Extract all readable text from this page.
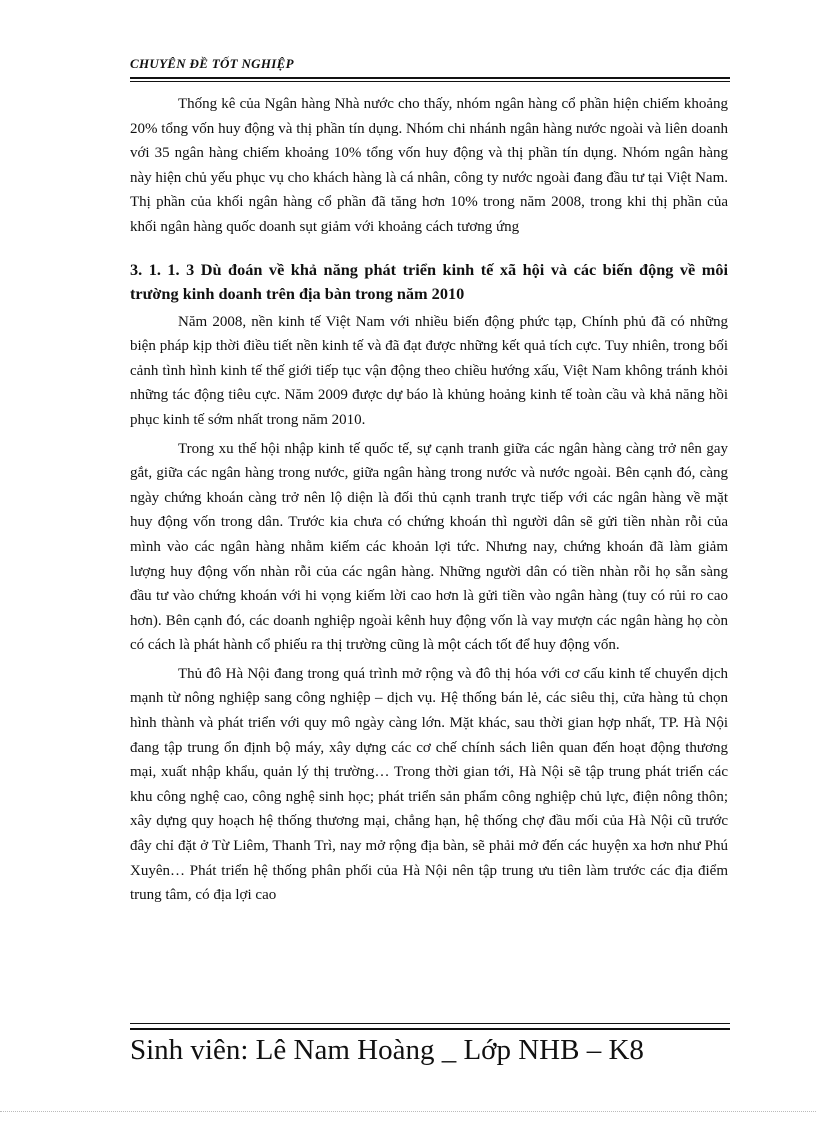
CHUYÊN ĐỀ TỐT NGHIỆP

Thống kê của Ngân hàng Nhà nước cho thấy, nhóm ngân hàng cổ phần hiện chiếm khoảng 20% tổng vốn huy động và thị phần tín dụng. Nhóm chi nhánh ngân hàng nước ngoài và liên doanh với 35 ngân hàng chiếm khoảng 10% tổng vốn huy động và thị phần tín dụng. Nhóm ngân hàng này hiện chủ yếu phục vụ cho khách hàng là cá nhân, công ty nước ngoài đang đầu tư tại Việt Nam. Thị phần của khối ngân hàng cổ phần đã tăng hơn 10% trong năm 2008, trong khi thị phần của khối ngân hàng quốc doanh sụt giảm với khoảng cách tương ứng

3. 1. 1. 3 Dù đoán về khả năng phát triển kinh tế xã hội và các biến động về môi trường kinh doanh trên địa bàn trong năm 2010

Năm 2008, nền kinh tế Việt Nam với nhiều biến động phức tạp, Chính phủ đã có những biện pháp kịp thời điều tiết nền kinh tế và đã đạt được những kết quả tích cực. Tuy nhiên, trong bối cảnh tình hình kinh tế thế giới tiếp tục vận động theo chiều hướng xấu, Việt Nam không tránh khỏi những tác động tiêu cực. Năm 2009 được dự báo là khủng hoảng kinh tế toàn cầu và khả năng hồi phục kinh tế sớm nhất trong năm 2010.

Trong xu thế hội nhập kinh tế quốc tế, sự cạnh tranh giữa các ngân hàng càng trở nên gay gắt, giữa các ngân hàng trong nước, giữa ngân hàng trong nước và nước ngoài. Bên cạnh đó, càng ngày chứng khoán càng trở nên lộ diện là đối thủ cạnh tranh trực tiếp với các ngân hàng về mặt huy động vốn trong dân. Trước kia chưa có chứng khoán thì người dân sẽ gửi tiền nhàn rỗi của mình vào các ngân hàng nhằm kiếm các khoản lợi tức. Nhưng nay, chứng khoán đã làm giảm lượng huy động vốn nhàn rỗi của các ngân hàng. Những người dân có tiền nhàn rỗi họ sẵn sàng đầu tư vào chứng khoán với hi vọng kiếm lời cao hơn là gửi tiền vào ngân hàng (tuy có rủi ro cao hơn). Bên cạnh đó, các doanh nghiệp ngoài kênh huy động vốn là vay mượn các ngân hàng họ còn có cách là phát hành cổ phiếu ra thị trường cũng là một cách tốt để huy động vốn.

Thủ đô Hà Nội đang trong quá trình mở rộng và đô thị hóa với cơ cấu kinh tế chuyển dịch mạnh từ nông nghiệp sang công nghiệp – dịch vụ. Hệ thống bán lẻ, các siêu thị, cửa hàng tủ chọn hình thành và phát triển với quy mô ngày càng lớn. Mặt khác, sau thời gian hợp nhất, TP. Hà Nội đang tập trung ổn định bộ máy, xây dựng các cơ chế chính sách liên quan đến hoạt động thương mại, xuất nhập khẩu, quản lý thị trường… Trong thời gian tới, Hà Nội sẽ tập trung phát triển các khu công nghệ cao, công nghệ sinh học; phát triển sản phẩm công nghiệp chủ lực, điện nông thôn; xây dựng quy hoạch hệ thống thương mại, chẳng hạn, hệ thống chợ đầu mối của Hà Nội cũ trước đây chỉ đặt ở Từ Liêm, Thanh Trì, nay mở rộng địa bàn, sẽ phải mở đến các huyện xa hơn như Phú Xuyên… Phát triển hệ thống phân phối của Hà Nội nên tập trung ưu tiên làm trước các địa điểm trung tâm, có địa lợi cao

Sinh viên: Lê Nam Hoàng _ Lớp NHB – K8
